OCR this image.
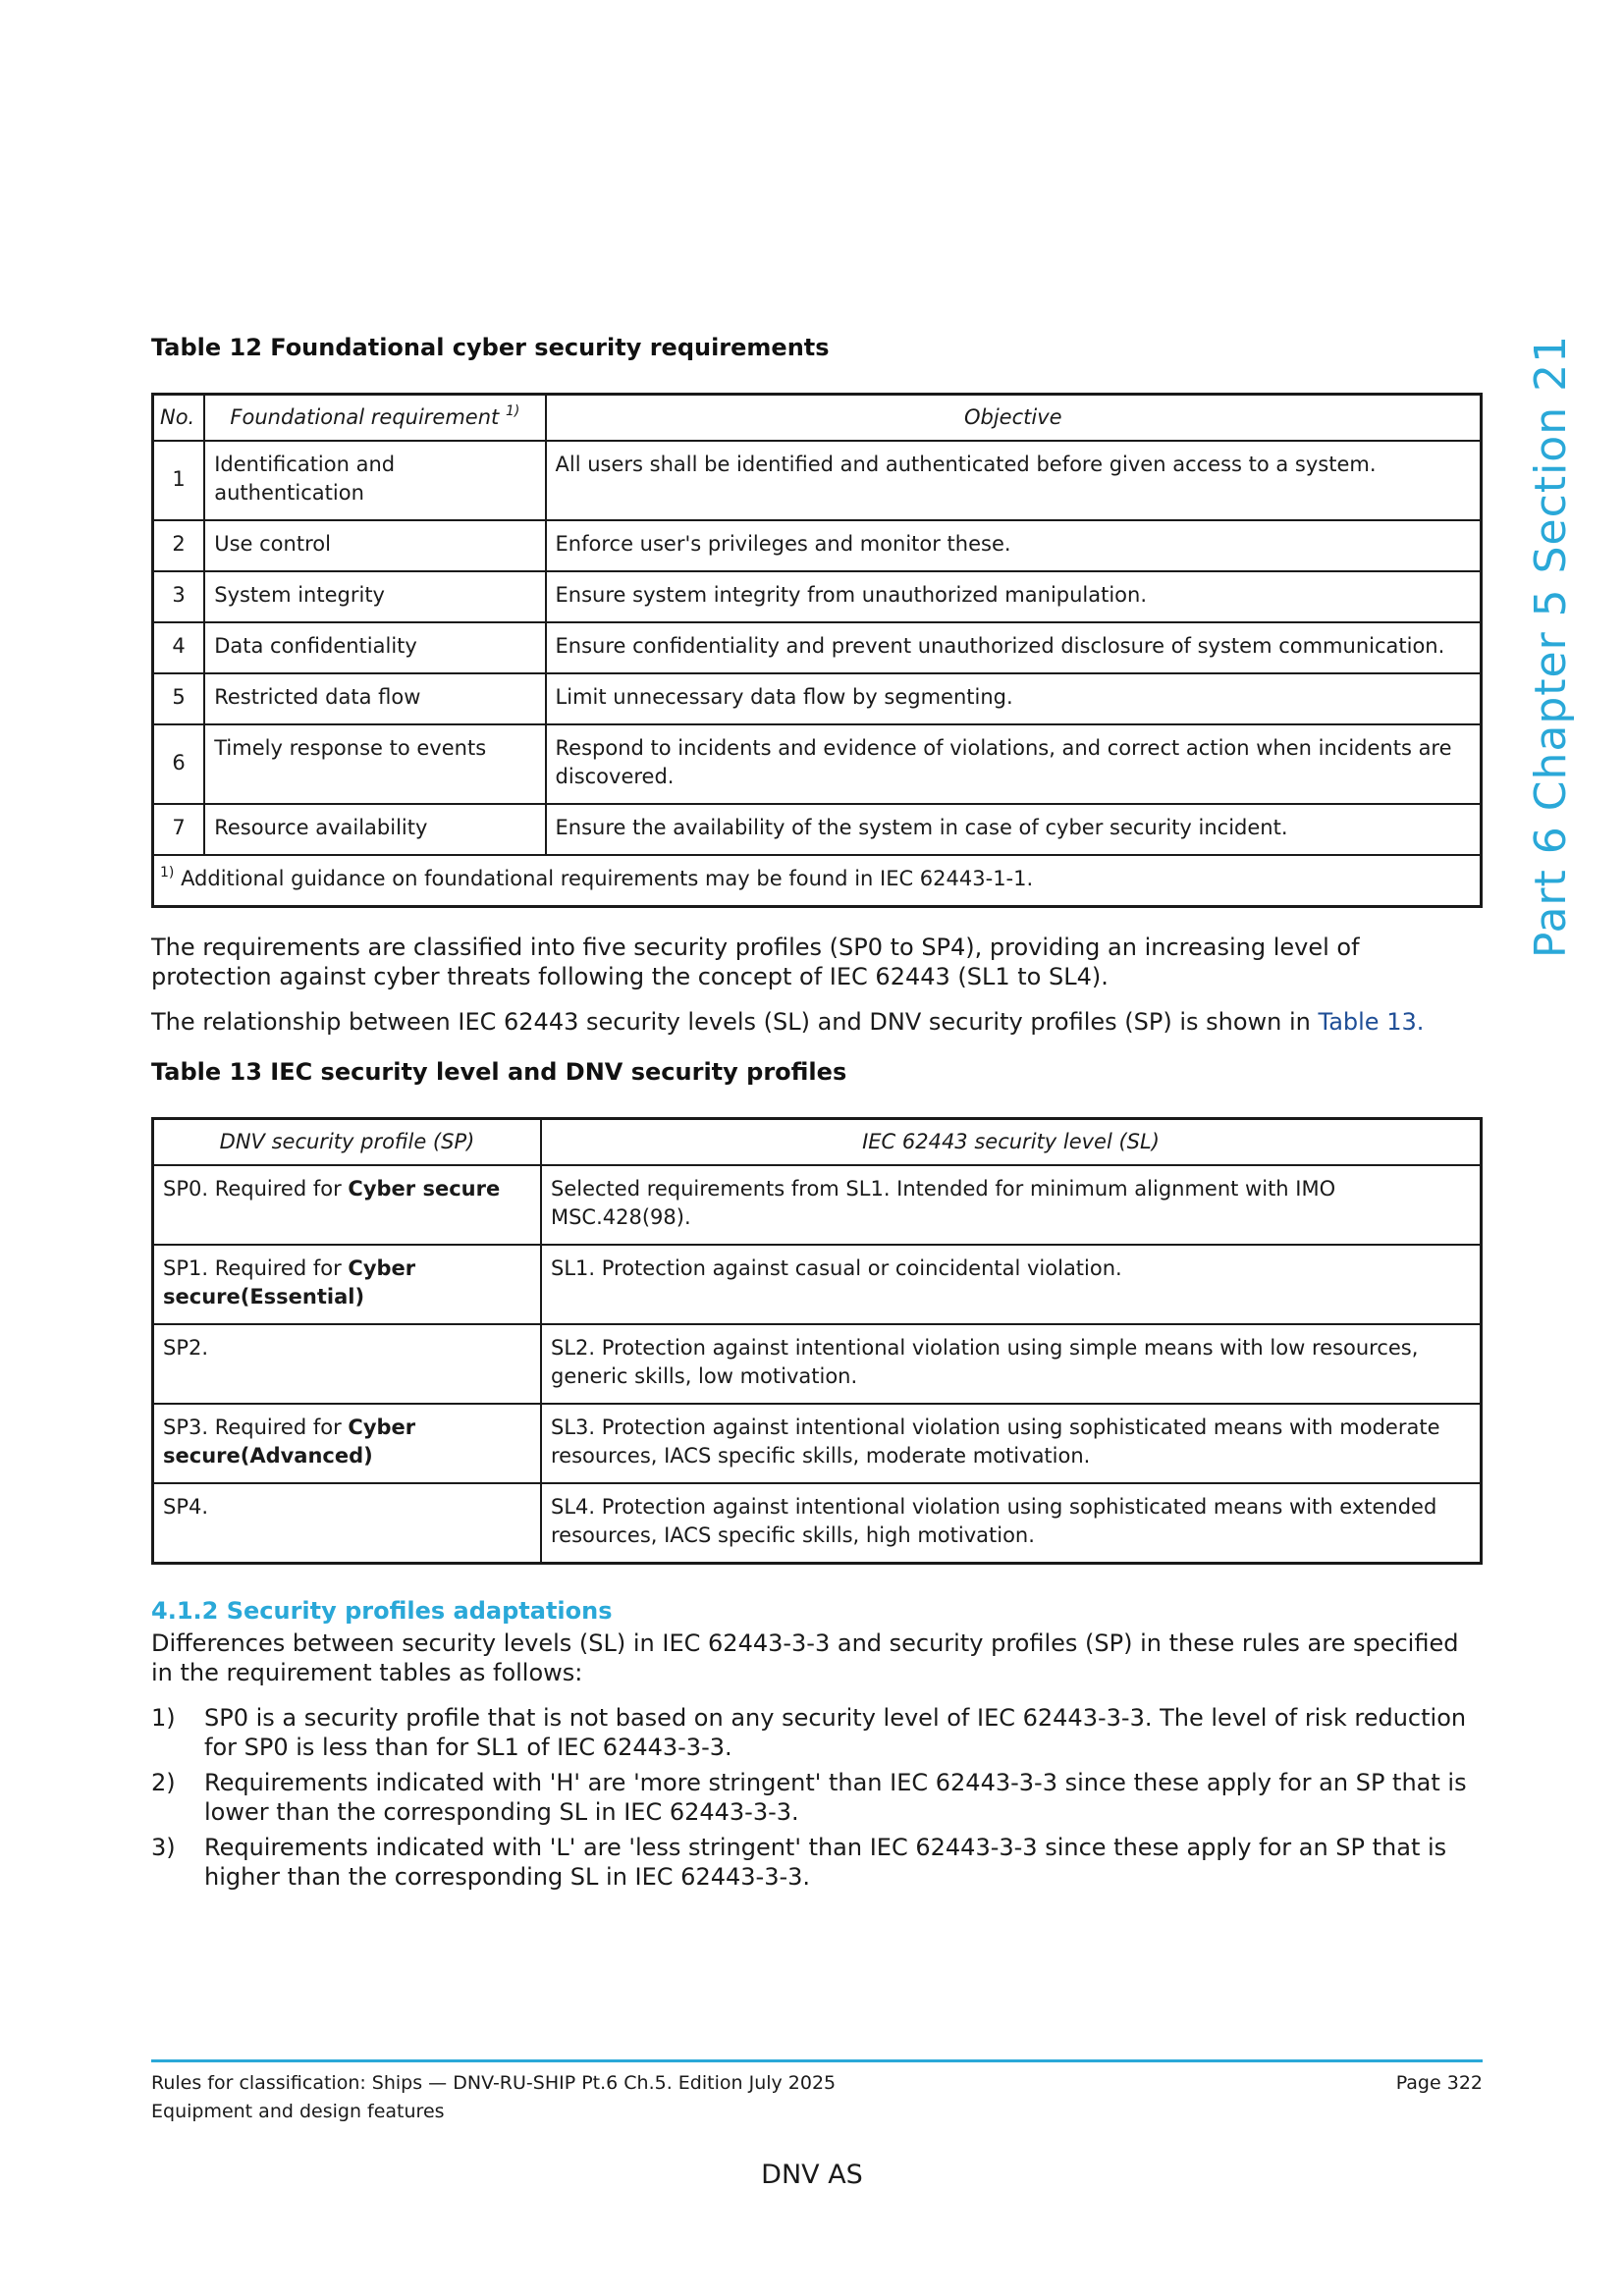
Part 6 Chapter 5 Section 21
Table 12 Foundational cyber security requirements
No.	Foundational requirement $^{1)}$	Objective
1	Identification and authentication	All users shall be identified and authenticated before given access to a system.
2	Use control	Enforce user's privileges and monitor these.
3	System integrity	Ensure system integrity from unauthorized manipulation.
4	Data confidentiality	Ensure confidentiality and prevent unauthorized disclosure of system communication.
5	Restricted data flow	Limit unnecessary data flow by segmenting.
6	Timely response to events	Respond to incidents and evidence of violations, and correct action when incidents are discovered.
7	Resource availability	Ensure the availability of the system in case of cyber security incident.
$^{1)}$ Additional guidance on foundational requirements may be found in IEC 62443-1-1.		
The requirements are classified into five security profiles (SP0 to SP4), providing an increasing level of protection against cyber threats following the concept of IEC 62443 (SL1 to SL4).
The relationship between IEC 62443 security levels (SL) and DNV security profiles (SP) is shown in Table 13.
Table 13 IEC security level and DNV security profiles
DNV security profile (SP)	IEC 62443 security level (SL)
SP0. Required for Cyber secure	Selected requirements from SL1. Intended for minimum alignment with IMO MSC.428(98).
SP1. Required for Cyber secure(Essential)	SL1. Protection against casual or coincidental violation.
SP2.	SL2. Protection against intentional violation using simple means with low resources, generic skills, low motivation.
SP3. Required for Cyber secure(Advanced)	SL3. Protection against intentional violation using sophisticated means with moderate resources, IACS specific skills, moderate motivation.
SP4.	SL4. Protection against intentional violation using sophisticated means with extended resources, IACS specific skills, high motivation.
4.1.2 Security profiles adaptations
Differences between security levels (SL) in IEC 62443-3-3 and security profiles (SP) in these rules are specified in the requirement tables as follows:
1)	SP0 is a security profile that is not based on any security level of IEC 62443-3-3. The level of risk reduction for SP0 is less than for SL1 of IEC 62443-3-3.
2)	Requirements indicated with 'H' are 'more stringent' than IEC 62443-3-3 since these apply for an SP that is lower than the corresponding SL in IEC 62443-3-3.
3)	Requirements indicated with 'L' are 'less stringent' than IEC 62443-3-3 since these apply for an SP that is higher than the corresponding SL in IEC 62443-3-3.
Rules for classification: Ships — DNV-RU-SHIP Pt.6 Ch.5. Edition July 2025	Page 322
Equipment and design features
DNV AS
